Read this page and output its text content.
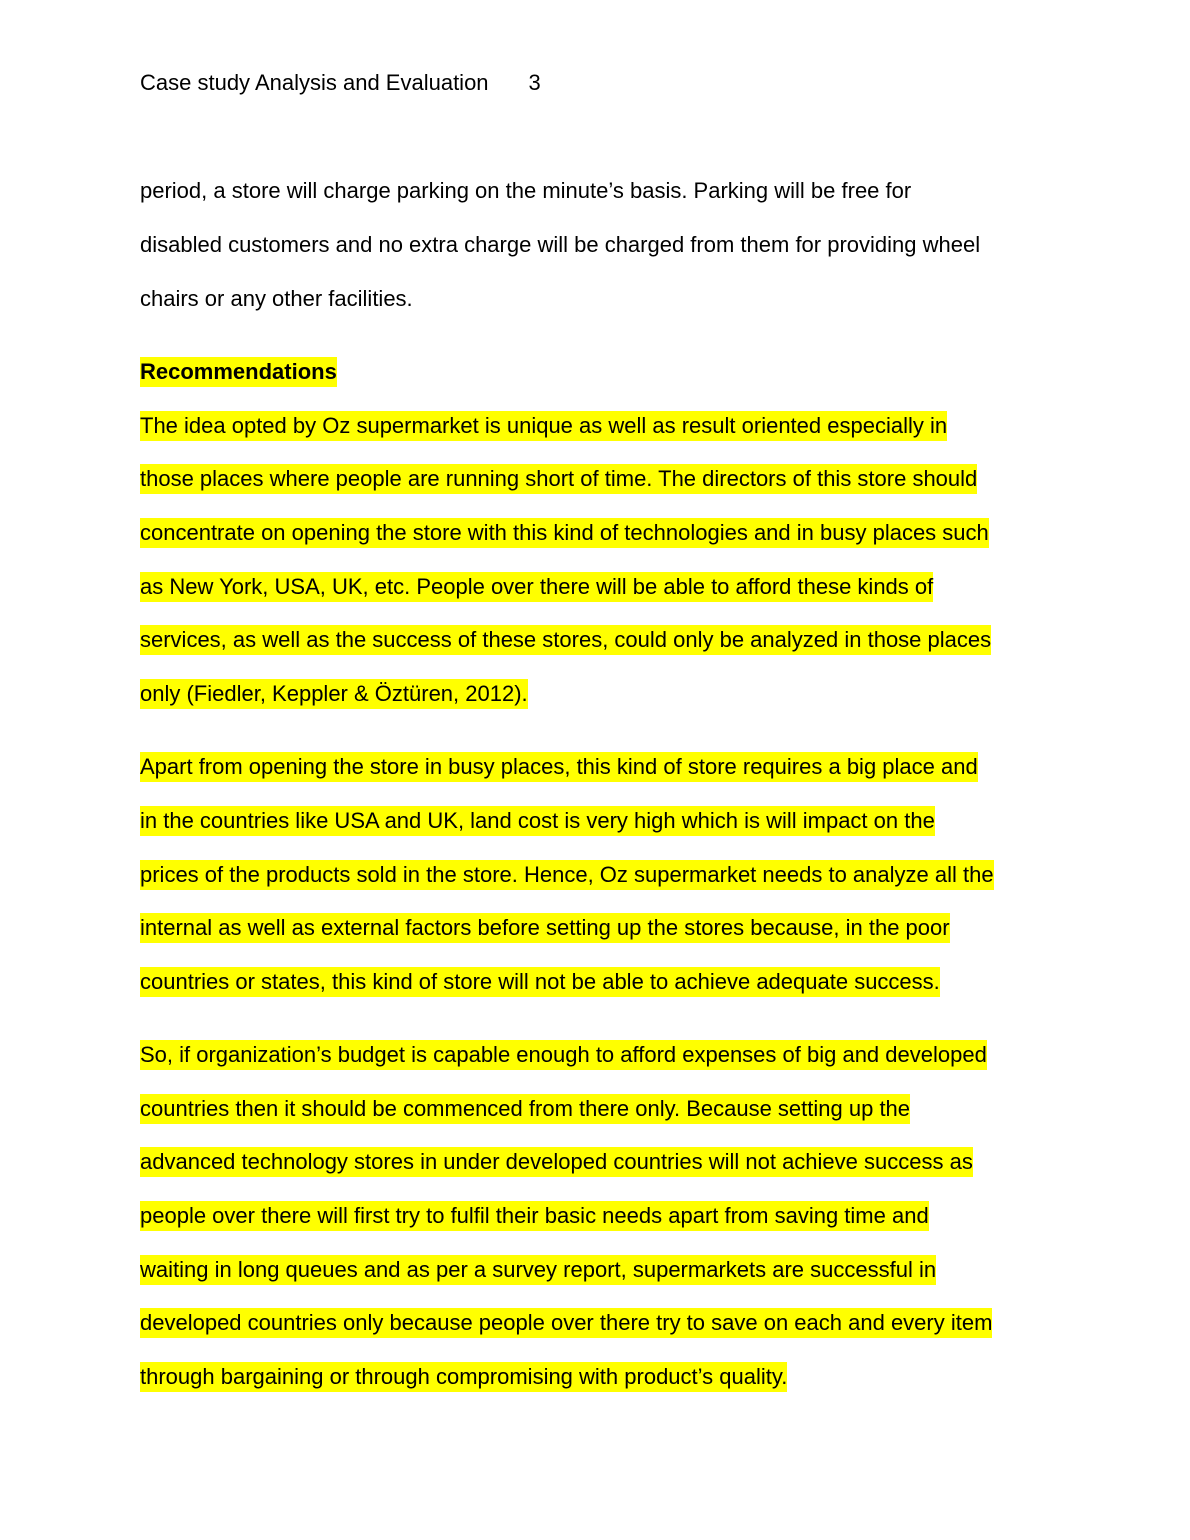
Case study Analysis and Evaluation 3
period, a store will charge parking on the minute’s basis. Parking will be free for
disabled customers and no extra charge will be charged from them for providing wheel
chairs or any other facilities.
Recommendations
The idea opted by Oz supermarket is unique as well as result oriented especially in
those places where people are running short of time. The directors of this store should
concentrate on opening the store with this kind of technologies and in busy places such
as New York, USA, UK, etc. People over there will be able to afford these kinds of
services, as well as the success of these stores, could only be analyzed in those places
only (Fiedler, Keppler & Öztüren, 2012).
Apart from opening the store in busy places, this kind of store requires a big place and
in the countries like USA and UK, land cost is very high which is will impact on the
prices of the products sold in the store. Hence, Oz supermarket needs to analyze all the
internal as well as external factors before setting up the stores because, in the poor
countries or states, this kind of store will not be able to achieve adequate success.
So, if organization’s budget is capable enough to afford expenses of big and developed
countries then it should be commenced from there only. Because setting up the
advanced technology stores in under developed countries will not achieve success as
people over there will first try to fulfil their basic needs apart from saving time and
waiting in long queues and as per a survey report, supermarkets are successful in
developed countries only because people over there try to save on each and every item
through bargaining or through compromising with product’s quality.
